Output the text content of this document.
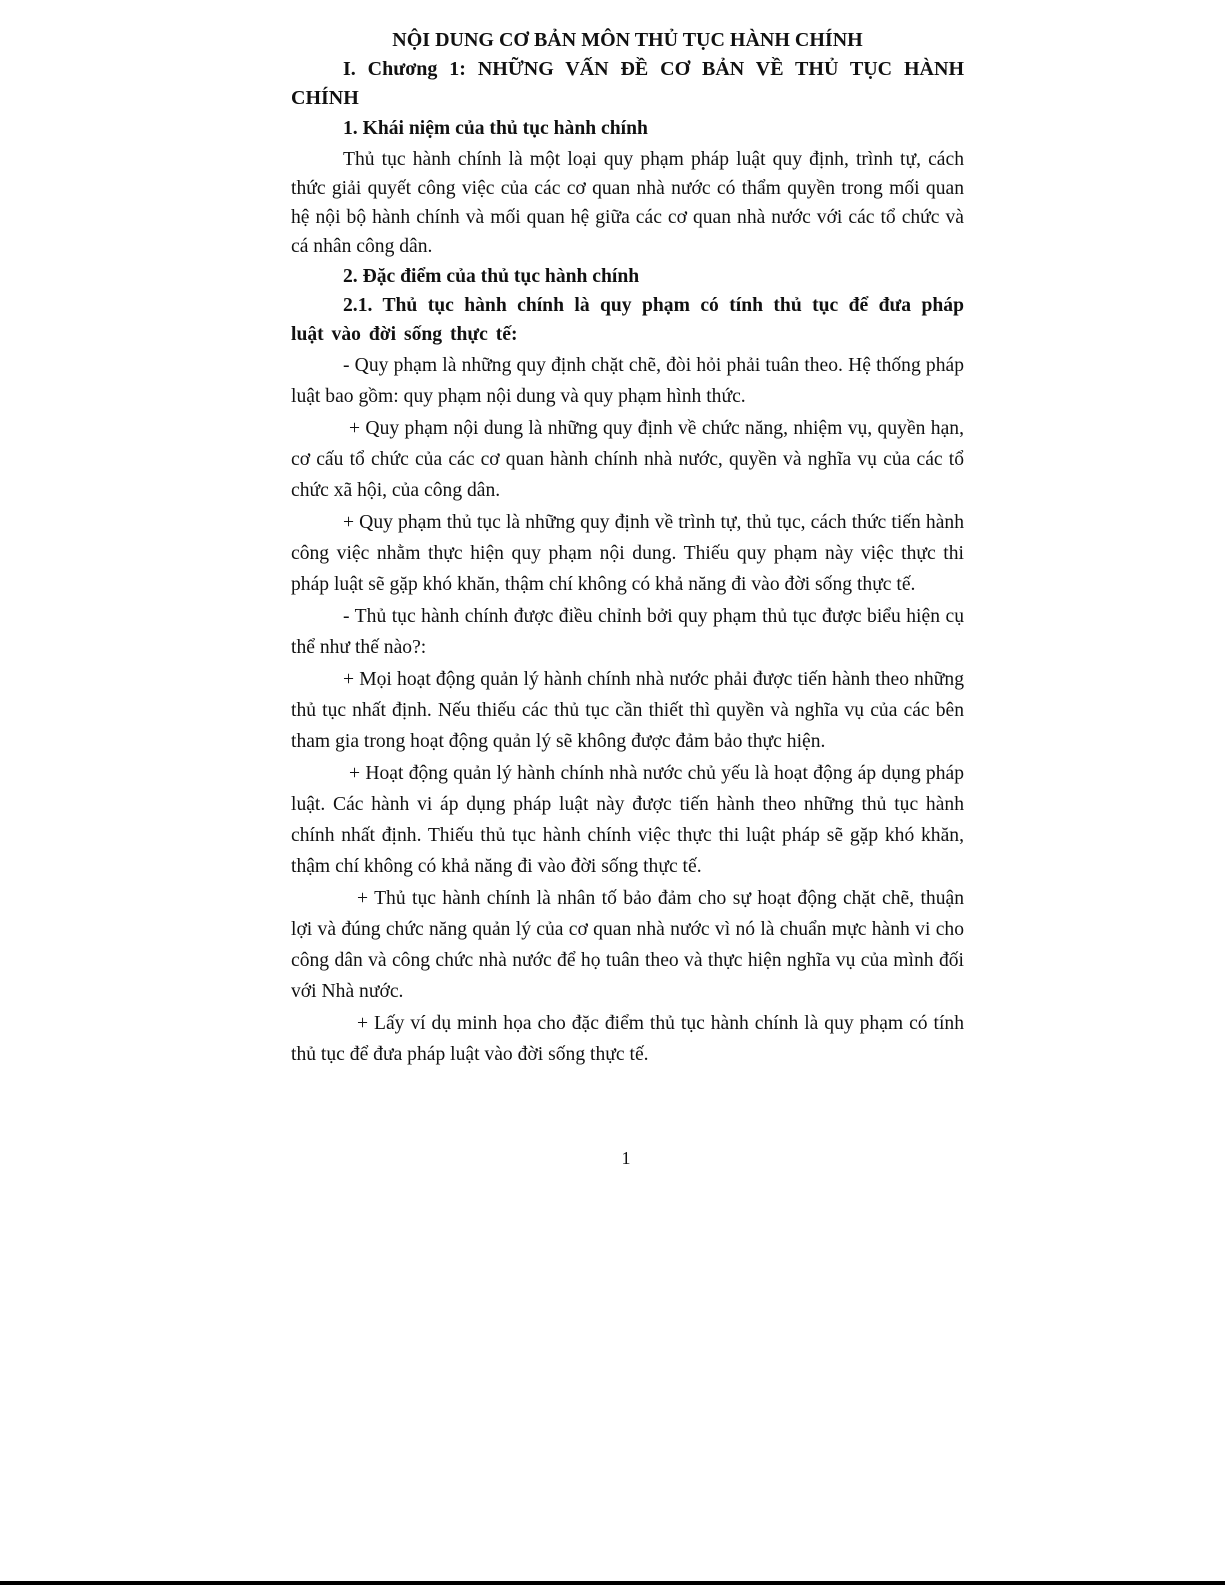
NỘI DUNG CƠ BẢN MÔN THỦ TỤC HÀNH CHÍNH

I. Chương 1: NHỮNG VẤN ĐỀ CƠ BẢN VỀ THỦ TỤC HÀNH CHÍNH

1. Khái niệm của thủ tục hành chính

Thủ tục hành chính là một loại quy phạm pháp luật quy định, trình tự, cách thức giải quyết công việc của các cơ quan nhà nước có thẩm quyền trong mối quan hệ nội bộ hành chính và mối quan hệ giữa các cơ quan nhà nước với các tổ chức và cá nhân công dân.

2. Đặc điểm của thủ tục hành chính

2.1. Thủ tục hành chính là quy phạm có tính thủ tục để đưa pháp luật vào đời sống thực tế:

- Quy phạm là những quy định chặt chẽ, đòi hỏi phải tuân theo. Hệ thống pháp luật bao gồm: quy phạm nội dung và quy phạm hình thức.

+ Quy phạm nội dung là những quy định về chức năng, nhiệm vụ, quyền hạn, cơ cấu tổ chức của các cơ quan hành chính nhà nước, quyền và nghĩa vụ của các tổ chức xã hội, của công dân.

+ Quy phạm thủ tục là những quy định về trình tự, thủ tục, cách thức tiến hành công việc nhằm thực hiện quy phạm nội dung. Thiếu quy phạm này việc thực thi pháp luật sẽ gặp khó khăn, thậm chí không có khả năng đi vào đời sống thực tế.

- Thủ tục hành chính được điều chỉnh bởi quy phạm thủ tục được biểu hiện cụ thể như thế nào?:

+ Mọi hoạt động quản lý hành chính nhà nước phải được tiến hành theo những thủ tục nhất định. Nếu thiếu các thủ tục cần thiết thì quyền và nghĩa vụ của các bên tham gia trong hoạt động quản lý sẽ không được đảm bảo thực hiện.

+ Hoạt động quản lý hành chính nhà nước chủ yếu là hoạt động áp dụng pháp luật. Các hành vi áp dụng pháp luật này được tiến hành theo những thủ tục hành chính nhất định. Thiếu thủ tục hành chính việc thực thi luật pháp sẽ gặp khó khăn, thậm chí không có khả năng đi vào đời sống thực tế.

+ Thủ tục hành chính là nhân tố bảo đảm cho sự hoạt động chặt chẽ, thuận lợi và đúng chức năng quản lý của cơ quan nhà nước vì nó là chuẩn mực hành vi cho công dân và công chức nhà nước để họ tuân theo và thực hiện nghĩa vụ của mình đối với Nhà nước.

+ Lấy ví dụ minh họa cho đặc điểm thủ tục hành chính là quy phạm có tính thủ tục để đưa pháp luật vào đời sống thực tế.

1
